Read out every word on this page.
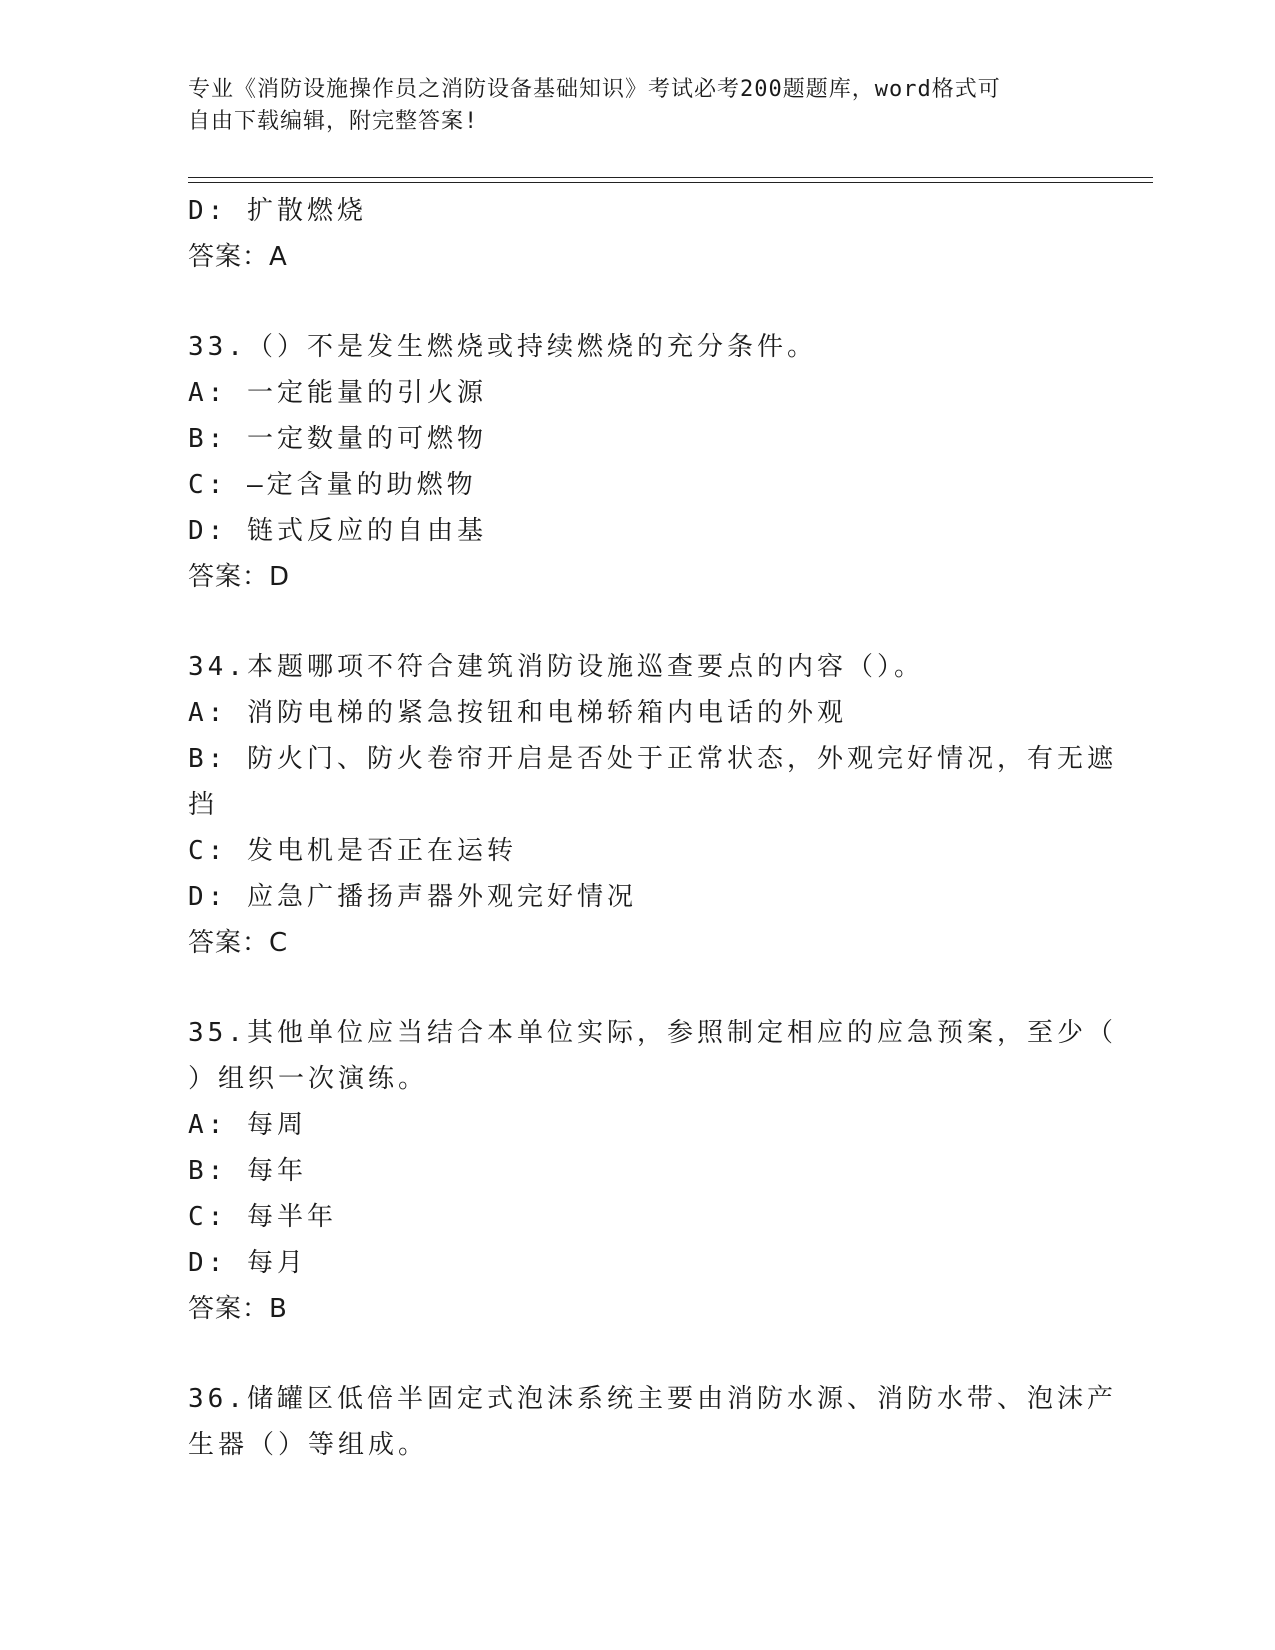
专业《消防设施操作员之消防设备基础知识》考试必考200题题库，word格式可
自由下载编辑，附完整答案!
D: 扩散燃烧
答案：A
33.（）不是发生燃烧或持续燃烧的充分条件。
A: 一定能量的引火源
B: 一定数量的可燃物
C: —定含量的助燃物
D: 链式反应的自由基
答案：D
34.本题哪项不符合建筑消防设施巡查要点的内容（）。
A: 消防电梯的紧急按钮和电梯轿箱内电话的外观
B: 防火门、防火卷帘开启是否处于正常状态，外观完好情况，有无遮
挡
C: 发电机是否正在运转
D: 应急广播扬声器外观完好情况
答案：C
35.其他单位应当结合本单位实际，参照制定相应的应急预案，至少（
）组织一次演练。
A: 每周
B: 每年
C: 每半年
D: 每月
答案：B
36.储罐区低倍半固定式泡沫系统主要由消防水源、消防水带、泡沫产
生器（）等组成。
